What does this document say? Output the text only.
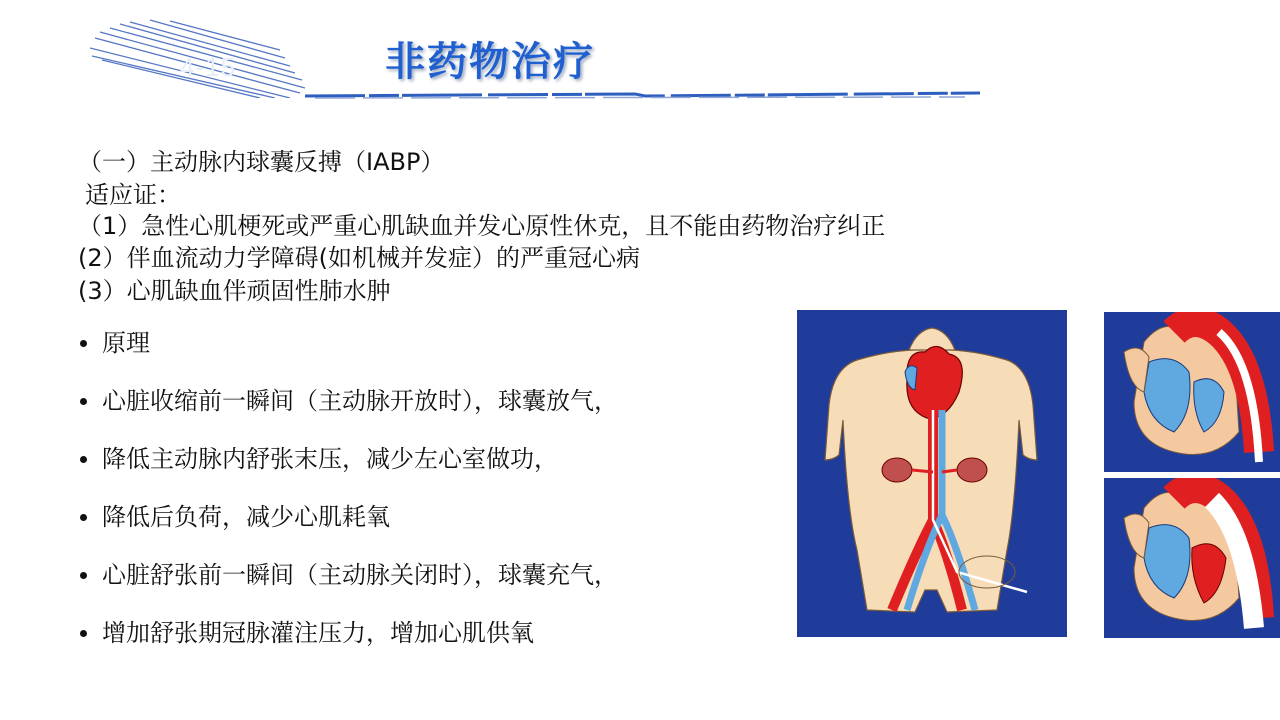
4-15	非药物治疗
（一）主动脉内球囊反搏（IABP）
适应证：
（1）急性心肌梗死或严重心肌缺血并发心原性休克，且不能由药物治疗纠正
(2）伴血流动力学障碍(如机械并发症）的严重冠心病
(3）心肌缺血伴顽固性肺水肿
原理
心脏收缩前一瞬间（主动脉开放时），球囊放气，
降低主动脉内舒张末压，减少左心室做功，
降低后负荷，减少心肌耗氧
心脏舒张前一瞬间（主动脉关闭时），球囊充气，
增加舒张期冠脉灌注压力，增加心肌供氧
